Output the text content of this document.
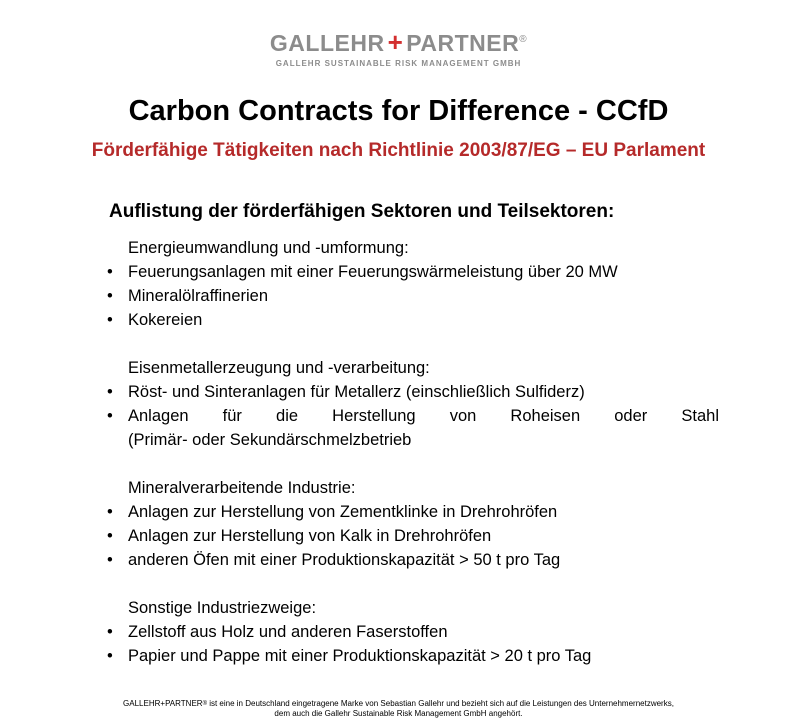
GALLEHR + PARTNER®
GALLEHR SUSTAINABLE RISK MANAGEMENT GMBH
Carbon Contracts for Difference - CCfD
Förderfähige Tätigkeiten nach Richtlinie 2003/87/EG – EU Parlament
Auflistung der förderfähigen Sektoren und Teilsektoren:
Energieumwandlung und -umformung:
• Feuerungsanlagen mit einer Feuerungswärmeleistung über 20 MW
• Mineralölraffinerien
• Kokereien
Eisenmetallerzeugung und -verarbeitung:
• Röst- und Sinteranlagen für Metallerz (einschließlich Sulfiderz)
• Anlagen für die Herstellung von Roheisen oder Stahl
(Primär- oder Sekundärschmelzbetrieb
Mineralverarbeitende Industrie:
• Anlagen zur Herstellung von Zementklinke in Drehrohröfen
• Anlagen zur Herstellung von Kalk in Drehrohröfen
• anderen Öfen mit einer Produktionskapazität > 50 t pro Tag
Sonstige Industriezweige:
• Zellstoff aus Holz und anderen Faserstoffen
• Papier und Pappe mit einer Produktionskapazität > 20 t pro Tag
GALLEHR+PARTNER® ist eine in Deutschland eingetragene Marke von Sebastian Gallehr und bezieht sich auf die Leistungen des Unternehmernetzwerks,
dem auch die Gallehr Sustainable Risk Management GmbH angehört.
